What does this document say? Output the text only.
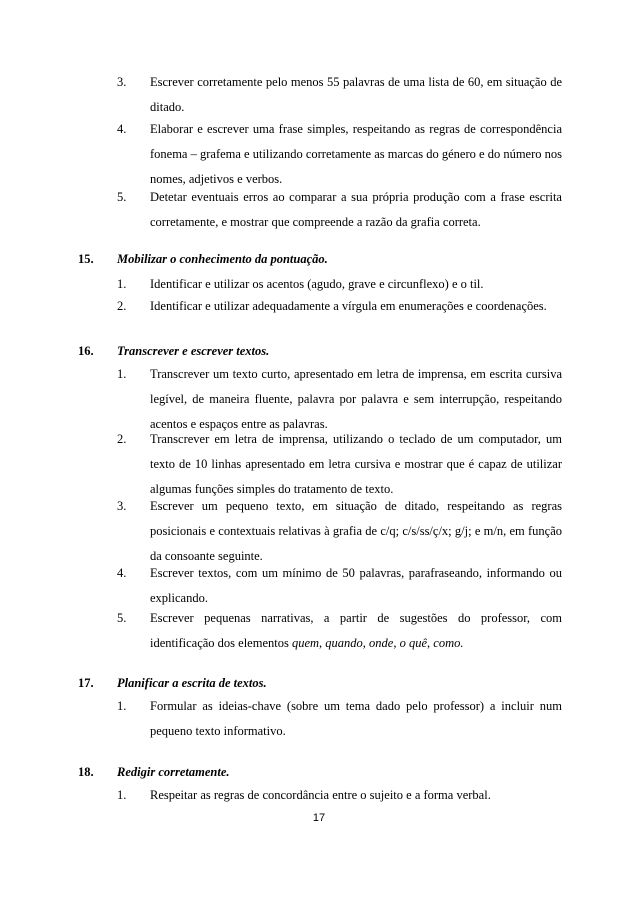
3. Escrever corretamente pelo menos 55 palavras de uma lista de 60, em situação de ditado.
4. Elaborar e escrever uma frase simples, respeitando as regras de correspondência fonema – grafema e utilizando corretamente as marcas do género e do número nos nomes, adjetivos e verbos.
5. Detetar eventuais erros ao comparar a sua própria produção com a frase escrita corretamente, e mostrar que compreende a razão da grafia correta.
15. Mobilizar o conhecimento da pontuação.
1. Identificar e utilizar os acentos (agudo, grave e circunflexo) e o til.
2. Identificar e utilizar adequadamente a vírgula em enumerações e coordenações.
16. Transcrever e escrever textos.
1. Transcrever um texto curto, apresentado em letra de imprensa, em escrita cursiva legível, de maneira fluente, palavra por palavra e sem interrupção, respeitando acentos e espaços entre as palavras.
2. Transcrever em letra de imprensa, utilizando o teclado de um computador, um texto de 10 linhas apresentado em letra cursiva e mostrar que é capaz de utilizar algumas funções simples do tratamento de texto.
3. Escrever um pequeno texto, em situação de ditado, respeitando as regras posicionais e contextuais relativas à grafia de c/q; c/s/ss/ç/x; g/j; e m/n, em função da consoante seguinte.
4. Escrever textos, com um mínimo de 50 palavras, parafraseando, informando ou explicando.
5. Escrever pequenas narrativas, a partir de sugestões do professor, com identificação dos elementos quem, quando, onde, o quê, como.
17. Planificar a escrita de textos.
1. Formular as ideias-chave (sobre um tema dado pelo professor) a incluir num pequeno texto informativo.
18. Redigir corretamente.
1. Respeitar as regras de concordância entre o sujeito e a forma verbal.
17
